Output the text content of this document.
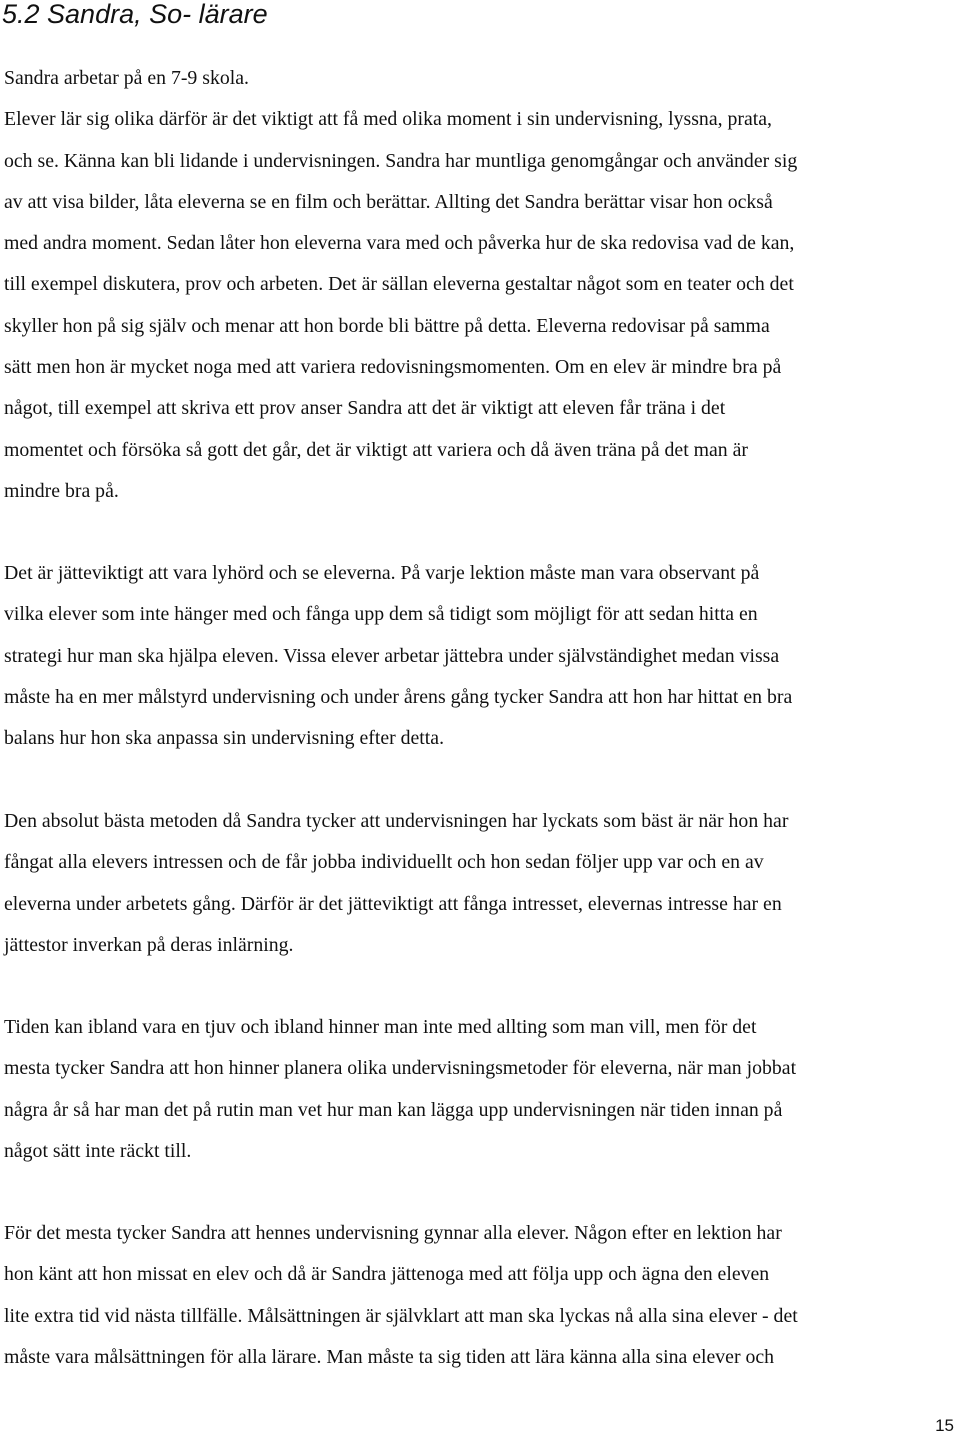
5.2 Sandra, So- lärare

Sandra arbetar på en 7-9 skola.
Elever lär sig olika därför är det viktigt att få med olika moment i sin undervisning, lyssna, prata,
och se. Känna kan bli lidande i undervisningen. Sandra har muntliga genomgångar och använder sig
av att visa bilder, låta eleverna se en film och berättar. Allting det Sandra berättar visar hon också
med andra moment. Sedan låter hon eleverna vara med och påverka hur de ska redovisa vad de kan,
till exempel diskutera, prov och arbeten. Det är sällan eleverna gestaltar något som en teater och det
skyller hon på sig själv och menar att hon borde bli bättre på detta. Eleverna redovisar på samma
sätt men hon är mycket noga med att variera redovisningsmomenten. Om en elev är mindre bra på
något, till exempel att skriva ett prov anser Sandra att det är viktigt att eleven får träna i det
momentet och försöka så gott det går, det är viktigt att variera och då även träna på det man är
mindre bra på.

Det är jätteviktigt att vara lyhörd och se eleverna. På varje lektion måste man vara observant på
vilka elever som inte hänger med och fånga upp dem så tidigt som möjligt för att sedan hitta en
strategi hur man ska hjälpa eleven. Vissa elever arbetar jättebra under självständighet medan vissa
måste ha en mer målstyrd undervisning och under årens gång tycker Sandra att hon har hittat en bra
balans hur hon ska anpassa sin undervisning efter detta.

Den absolut bästa metoden då Sandra tycker att undervisningen har lyckats som bäst är när hon har
fångat alla elevers intressen och de får jobba individuellt och hon sedan följer upp var och en av
eleverna under arbetets gång. Därför är det jätteviktigt att fånga intresset, elevernas intresse har en
jättestor inverkan på deras inlärning.

Tiden kan ibland vara en tjuv och ibland hinner man inte med allting som man vill, men för det
mesta tycker Sandra att hon hinner planera olika undervisningsmetoder för eleverna, när man jobbat
några år så har man det på rutin man vet hur man kan lägga upp undervisningen när tiden innan på
något sätt inte räckt till.

För det mesta tycker Sandra att hennes undervisning gynnar alla elever. Någon efter en lektion har
hon känt att hon missat en elev och då är Sandra jättenoga med att följa upp och ägna den eleven
lite extra tid vid nästa tillfälle. Målsättningen är självklart att man ska lyckas nå alla sina elever - det
måste vara målsättningen för alla lärare. Man måste ta sig tiden att lära känna alla sina elever och

15
